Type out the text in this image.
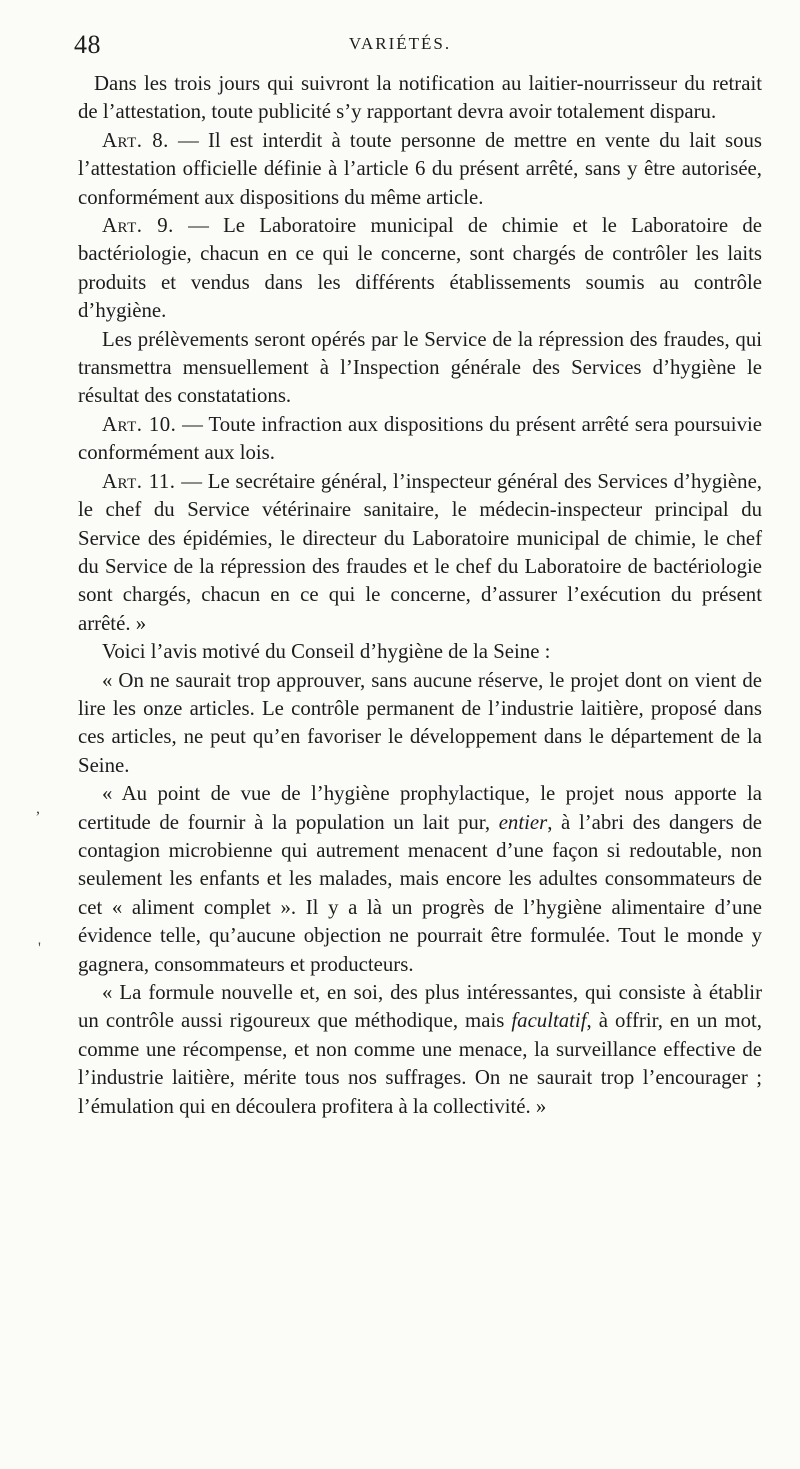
48	VARIÉTÉS.

Dans les trois jours qui suivront la notification au laitier-nourrisseur du retrait de l’attestation, toute publicité s’y rapportant devra avoir totalement disparu.

Art. 8. — Il est interdit à toute personne de mettre en vente du lait sous l’attestation officielle définie à l’article 6 du présent arrêté, sans y être autorisée, conformément aux dispositions du même article.

Art. 9. — Le Laboratoire municipal de chimie et le Laboratoire de bactériologie, chacun en ce qui le concerne, sont chargés de contrôler les laits produits et vendus dans les différents établissements soumis au contrôle d’hygiène.

Les prélèvements seront opérés par le Service de la répression des fraudes, qui transmettra mensuellement à l’Inspection générale des Services d’hygiène le résultat des constatations.

Art. 10. — Toute infraction aux dispositions du présent arrêté sera poursuivie conformément aux lois.

Art. 11. — Le secrétaire général, l’inspecteur général des Services d’hygiène, le chef du Service vétérinaire sanitaire, le médecin-inspecteur principal du Service des épidémies, le directeur du Laboratoire municipal de chimie, le chef du Service de la répression des fraudes et le chef du Laboratoire de bactériologie sont chargés, chacun en ce qui le concerne, d’assurer l’exécution du présent arrêté. »

Voici l’avis motivé du Conseil d’hygiène de la Seine :

« On ne saurait trop approuver, sans aucune réserve, le projet dont on vient de lire les onze articles. Le contrôle permanent de l’industrie laitière, proposé dans ces articles, ne peut qu’en favoriser le développement dans le département de la Seine.

« Au point de vue de l’hygiène prophylactique, le projet nous apporte la certitude de fournir à la population un lait pur, entier, à l’abri des dangers de contagion microbienne qui autrement menacent d’une façon si redoutable, non seulement les enfants et les malades, mais encore les adultes consommateurs de cet « aliment complet ». Il y a là un progrès de l’hygiène alimentaire d’une évidence telle, qu’aucune objection ne pourrait être formulée. Tout le monde y gagnera, consommateurs et producteurs.

« La formule nouvelle et, en soi, des plus intéressantes, qui consiste à établir un contrôle aussi rigoureux que méthodique, mais facultatif, à offrir, en un mot, comme une récompense, et non comme une menace, la surveillance effective de l’industrie laitière, mérite tous nos suffrages. On ne saurait trop l’encourager ; l’émulation qui en découlera profitera à la collectivité. »

,
'
